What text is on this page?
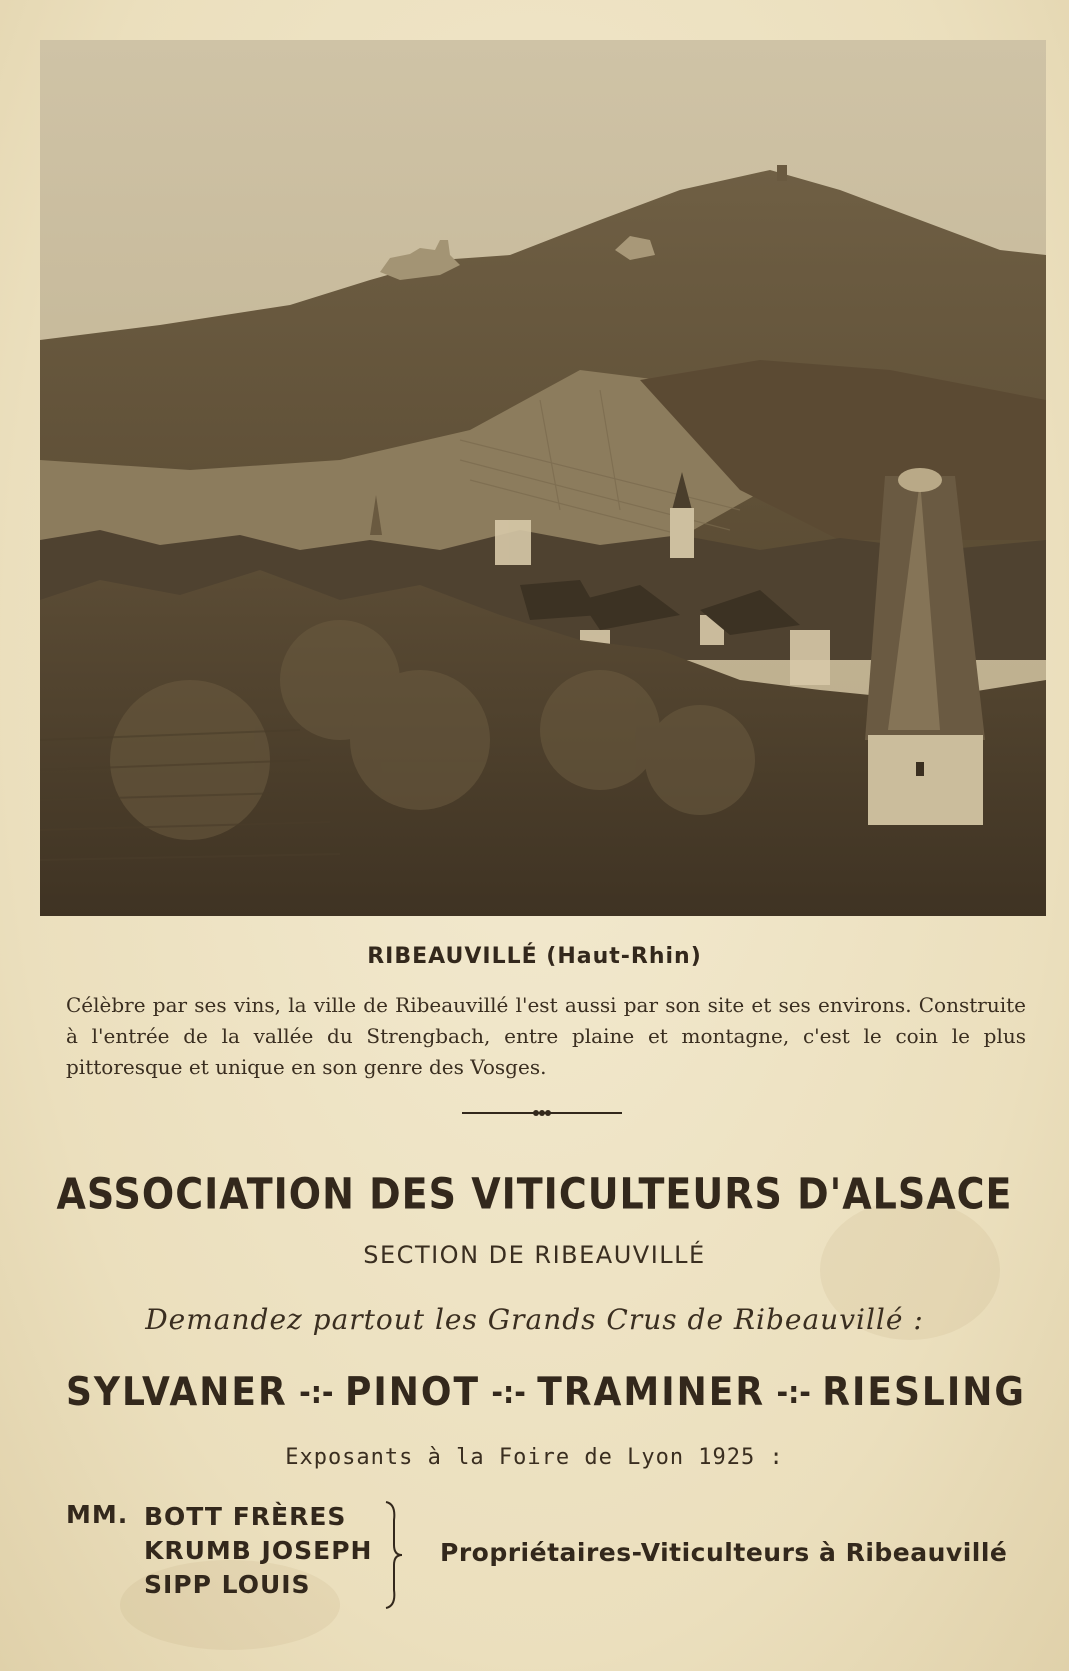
RIBEAUVILLÉ (Haut-Rhin)
Célèbre par ses vins, la ville de Ribeauvillé l'est aussi par son site et ses environs. Construite à l'entrée de la vallée du Strengbach, entre plaine et montagne, c'est le coin le plus pittoresque et unique en son genre des Vosges.
ASSOCIATION DES VITICULTEURS D'ALSACE
SECTION DE RIBEAUVILLÉ
Demandez partout les Grands Crus de Ribeauvillé :
SYLVANER -:- PINOT -:- TRAMINER -:- RIESLING
Exposants à la Foire de Lyon 1925 :
MM. BOTT FRÈRES
KRUMB JOSEPH
SIPP LOUIS
Propriétaires-Viticulteurs à Ribeauvillé
